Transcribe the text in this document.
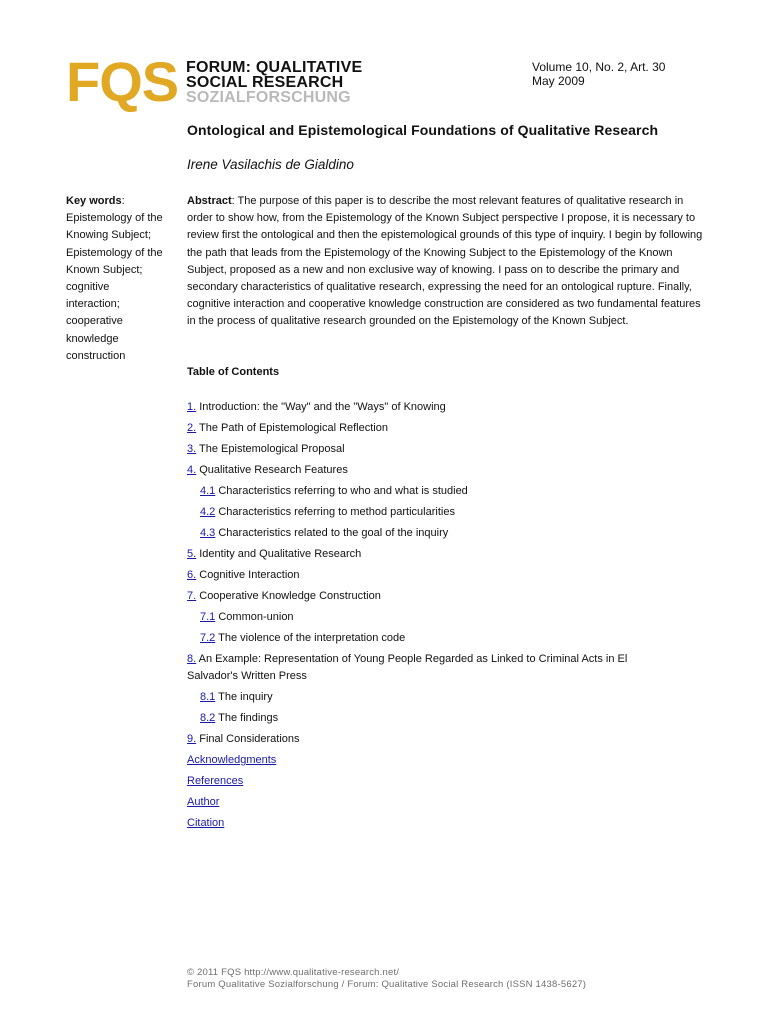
FQS FORUM: QUALITATIVE
SOCIAL RESEARCH
SOZIALFORSCHUNG
Volume 10, No. 2, Art. 30
May 2009
Ontological and Epistemological Foundations of Qualitative Research
Irene Vasilachis de Gialdino
Key words: Epistemology of the Knowing Subject; Epistemology of the Known Subject; cognitive interaction; cooperative knowledge construction
Abstract: The purpose of this paper is to describe the most relevant features of qualitative research in order to show how, from the Epistemology of the Known Subject perspective I propose, it is necessary to review first the ontological and then the epistemological grounds of this type of inquiry. I begin by following the path that leads from the Epistemology of the Knowing Subject to the Epistemology of the Known Subject, proposed as a new and non exclusive way of knowing. I pass on to describe the primary and secondary characteristics of qualitative research, expressing the need for an ontological rupture. Finally, cognitive interaction and cooperative knowledge construction are considered as two fundamental features in the process of qualitative research grounded on the Epistemology of the Known Subject.
Table of Contents
1. Introduction: the "Way" and the "Ways" of Knowing
2. The Path of Epistemological Reflection
3. The Epistemological Proposal
4. Qualitative Research Features
4.1 Characteristics referring to who and what is studied
4.2 Characteristics referring to method particularities
4.3 Characteristics related to the goal of the inquiry
5. Identity and Qualitative Research
6. Cognitive Interaction
7. Cooperative Knowledge Construction
7.1 Common-union
7.2 The violence of the interpretation code
8. An Example: Representation of Young People Regarded as Linked to Criminal Acts in El Salvador's Written Press
8.1 The inquiry
8.2 The findings
9. Final Considerations
Acknowledgments
References
Author
Citation
© 2011 FQS http://www.qualitative-research.net/
Forum Qualitative Sozialforschung / Forum: Qualitative Social Research (ISSN 1438-5627)
